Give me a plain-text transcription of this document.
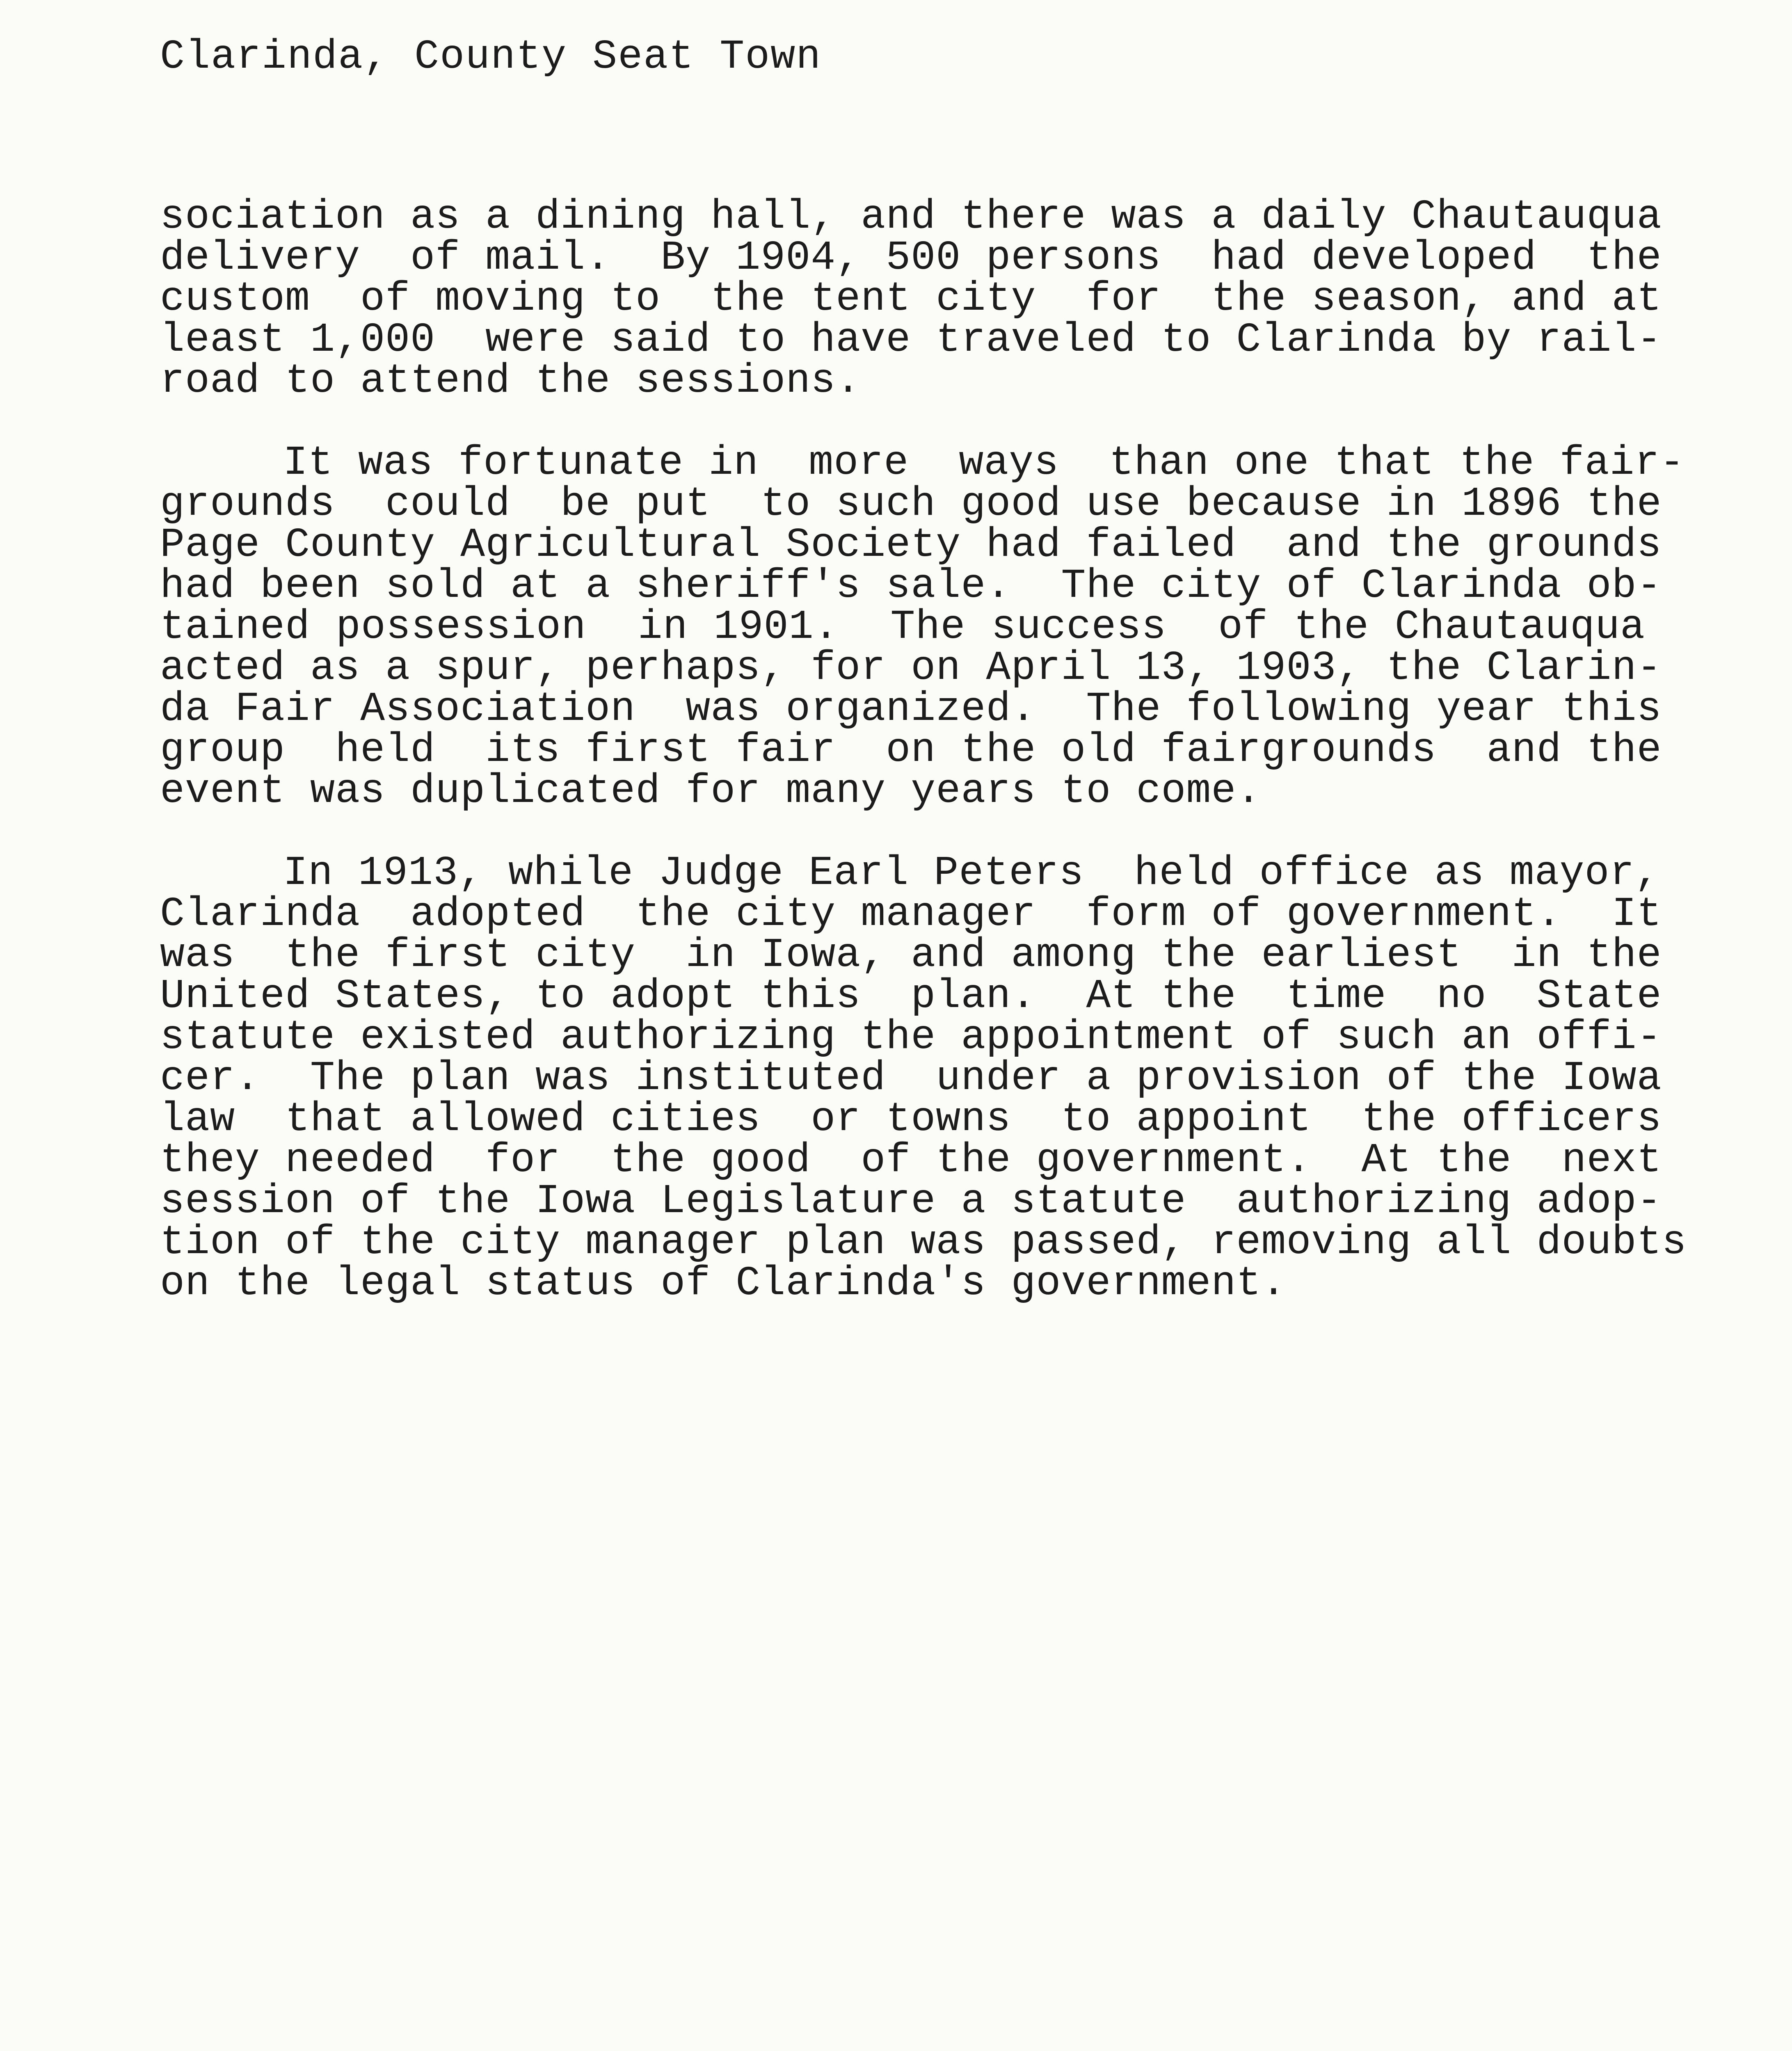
Clarinda, County Seat Town
sociation as a dining hall, and there was a daily Chautauqua
delivery  of mail.  By 1904, 500 persons  had developed  the
custom  of moving to  the tent city  for  the season, and at
least 1,000  were said to have traveled to Clarinda by rail-
road to attend the sessions.
It was fortunate in  more  ways  than one that the fair-
grounds  could  be put  to such good use because in 1896 the
Page County Agricultural Society had failed  and the grounds
had been sold at a sheriff's sale.  The city of Clarinda ob-
tained possession  in 1901.  The success  of the Chautauqua
acted as a spur, perhaps, for on April 13, 1903, the Clarin-
da Fair Association  was organized.  The following year this
group  held  its first fair  on the old fairgrounds  and the
event was duplicated for many years to come.
In 1913, while Judge Earl Peters  held office as mayor,
Clarinda  adopted  the city manager  form of government.  It
was  the first city  in Iowa, and among the earliest  in the
United States, to adopt this  plan.  At the  time  no  State
statute existed authorizing the appointment of such an offi-
cer.  The plan was instituted  under a provision of the Iowa
law  that allowed cities  or towns  to appoint  the officers
they needed  for  the good  of the government.  At the  next
session of the Iowa Legislature a statute  authorizing adop-
tion of the city manager plan was passed, removing all doubts
on the legal status of Clarinda's government.
